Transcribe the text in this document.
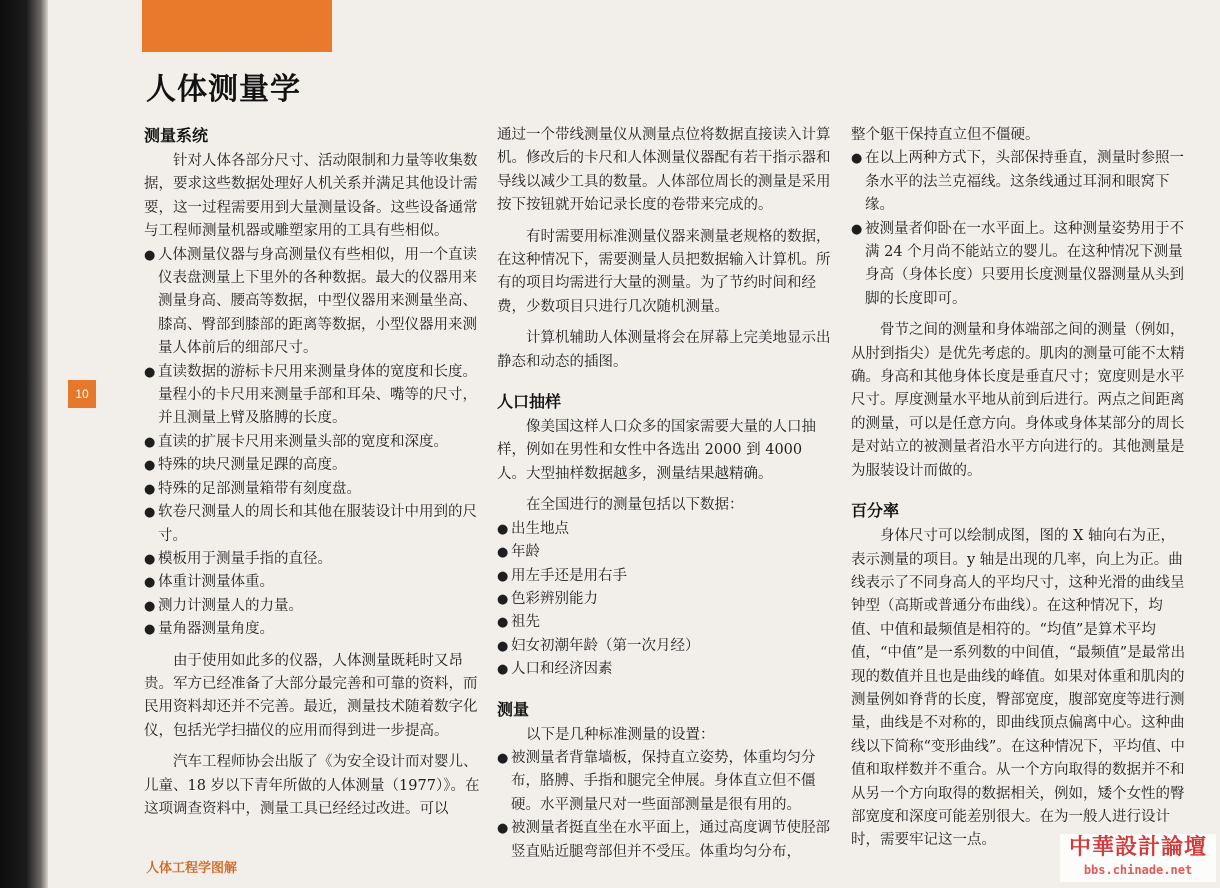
10
人体测量学
测量系统

针对人体各部分尺寸、活动限制和力量等收集数据，要求这些数据处理好人机关系并满足其他设计需要，这一过程需要用到大量测量设备。这些设备通常与工程师测量机器或雕塑家用的工具有些相似。

● 人体测量仪器与身高测量仪有些相似，用一个直读仪表盘测量上下里外的各种数据。最大的仪器用来测量身高、腰高等数据，中型仪器用来测量坐高、膝高、臀部到膝部的距离等数据，小型仪器用来测量人体前后的细部尺寸。

● 直读数据的游标卡尺用来测量身体的宽度和长度。量程小的卡尺用来测量手部和耳朵、嘴等的尺寸，并且测量上臂及胳膊的长度。

● 直读的扩展卡尺用来测量头部的宽度和深度。

● 特殊的块尺测量足踝的高度。

● 特殊的足部测量箱带有刻度盘。

● 软卷尺测量人的周长和其他在服装设计中用到的尺寸。

● 模板用于测量手指的直径。

● 体重计测量体重。

● 测力计测量人的力量。

● 量角器测量角度。

由于使用如此多的仪器，人体测量既耗时又昂贵。军方已经准备了大部分最完善和可靠的资料，而民用资料却还并不完善。最近，测量技术随着数字化仪，包括光学扫描仪的应用而得到进一步提高。

汽车工程师协会出版了《为安全设计而对婴儿、儿童、18 岁以下青年所做的人体测量（1977）》。在这项调查资料中，测量工具已经经过改进。可以

通过一个带线测量仪从测量点位将数据直接读入计算机。修改后的卡尺和人体测量仪器配有若干指示器和导线以减少工具的数量。人体部位周长的测量是采用按下按钮就开始记录长度的卷带来完成的。

有时需要用标准测量仪器来测量老规格的数据，在这种情况下，需要测量人员把数据输入计算机。所有的项目均需进行大量的测量。为了节约时间和经费，少数项目只进行几次随机测量。

计算机辅助人体测量将会在屏幕上完美地显示出静态和动态的插图。

人口抽样

像美国这样人口众多的国家需要大量的人口抽样，例如在男性和女性中各选出 2000 到 4000 人。大型抽样数据越多，测量结果越精确。

在全国进行的测量包括以下数据：

● 出生地点

● 年龄

● 用左手还是用右手

● 色彩辨别能力

● 祖先

● 妇女初潮年龄（第一次月经）

● 人口和经济因素

测量

以下是几种标准测量的设置：

● 被测量者背靠墙板，保持直立姿势，体重均匀分布，胳膊、手指和腿完全伸展。身体直立但不僵硬。水平测量尺对一些面部测量是很有用的。

● 被测量者挺直坐在水平面上，通过高度调节使胫部竖直贴近腿弯部但并不受压。体重均匀分布，

整个躯干保持直立但不僵硬。

● 在以上两种方式下，头部保持垂直，测量时参照一条水平的法兰克福线。这条线通过耳洞和眼窝下缘。

● 被测量者仰卧在一水平面上。这种测量姿势用于不满 24 个月尚不能站立的婴儿。在这种情况下测量身高（身体长度）只要用长度测量仪器测量从头到脚的长度即可。

骨节之间的测量和身体端部之间的测量（例如，从肘到指尖）是优先考虑的。肌肉的测量可能不太精确。身高和其他身体长度是垂直尺寸；宽度则是水平尺寸。厚度测量水平地从前到后进行。两点之间距离的测量，可以是任意方向。身体或身体某部分的周长是对站立的被测量者沿水平方向进行的。其他测量是为服装设计而做的。

百分率

身体尺寸可以绘制成图，图的 X 轴向右为正，表示测量的项目。y 轴是出现的几率，向上为正。曲线表示了不同身高人的平均尺寸，这种光滑的曲线呈钟型（高斯或普通分布曲线）。在这种情况下，均值、中值和最频值是相符的。“均值”是算术平均值，“中值”是一系列数的中间值，“最频值”是最常出现的数值并且也是曲线的峰值。如果对体重和肌肉的测量例如脊背的长度，臀部宽度，腹部宽度等进行测量，曲线是不对称的，即曲线顶点偏离中心。这种曲线以下简称“变形曲线”。在这种情况下，平均值、中值和取样数并不重合。从一个方向取得的数据并不和从另一个方向取得的数据相关，例如，矮个女性的臀部宽度和深度可能差别很大。在为一般人进行设计时，需要牢记这一点。

人体工程学图解
中華設計論壇
bbs.chinade.net
